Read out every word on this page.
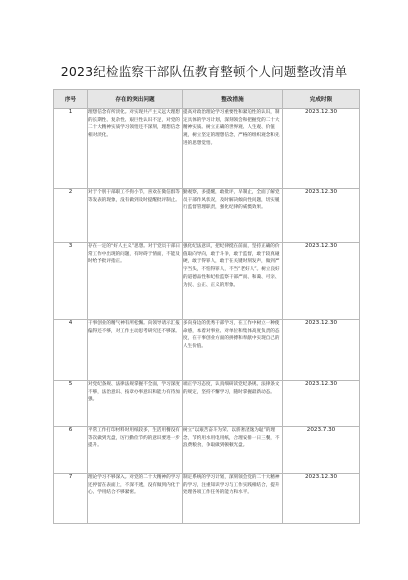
2023纪检监察干部队伍教育整顿个人问题整改清单
序号	存在的突出问题	整改措施	完成时限
1	理想信念有所淡化。对实现共产主义远大理想的长期性、复杂性、艰巨性认识不足，对党的二十大精神实质学习领悟还不深刻，理想信念相对淡化。	提高对政治理论学习重要性和紧迫性的认识，制定具体的学习计划，深刻领会和把握党的二十大精神实质。树立正确的世界观、人生观、价值观，树立坚定的理想信念，严格的组织观念和先进的思想觉悟。	2023.12.30
2	对于个别干部职工不拘小节，喜欢在微信群等等发表的现象，没有做到及时提醒批评制止。	勤观察，多提醒，敢批评，早制止，全面了解党员干部作风状况，及时解决倾向性问题，切实履行监督管理职责，强化纪律的威慑效果。	2023.12.30
3	存在一定的“好人主义”思想。对于党员干部日常工作中出现的问题，有时碍于情面，不能及时给予批评指正。	强化纪法意识，把纪律挺在前面，坚持正确的价值取向导向，敢于斗争，敢于监督，敢于较真碰硬，敢于得罪人，敢于在关键时刻发声，做到严字当头，不怕得罪人，不当“老好人”。树立良好的道德品性和纪检监察干部严而、和蔼、可亲、为民、公正、正义的形象。	2023.12.30
4	干事创业的精气神有所松懈。向领导请示汇报偏得还不够，对工作主动思考研究还不够深。	多向身边的优秀干部学习，在工作中树立一种使命感，本着对事业、对单位和集体高度负责的态度，在干事创业方面的拼搏和奉献中实现自己的人生价值。	2023.12.30
5	对党纪条规、法律法规掌握不全面，学习深度不够，法治意识、按章办事意识和能力有待加强。	端正学习态度，认真细研读党纪条规、法律条文的规定，坚持不懈学习，随时掌握最新动态。	2023.12.30
6	平常工作打印材料时用纸较多，生活用餐没有等次做到光盘，厉行勤俭节约的意识要进一步提升。	树立“以艰苦奋斗为荣、以骄奢淫逸为耻”的理念，节约用水用电用纸，合理安排一日三餐，不浪费粮食，争取做到顿顿光盘。	2023.7.30
7	理论学习不够深入。对党的二十大精神的学习还停留在表面上，不深不透，没有做到内化于心、学用结合不够紧密。	制定系统的学习计划，深刻领会党的二十大精神的学习，注重知识学习与工作实践相结合，提升处理各项工作任务的能力和水平。	2023.12.30
